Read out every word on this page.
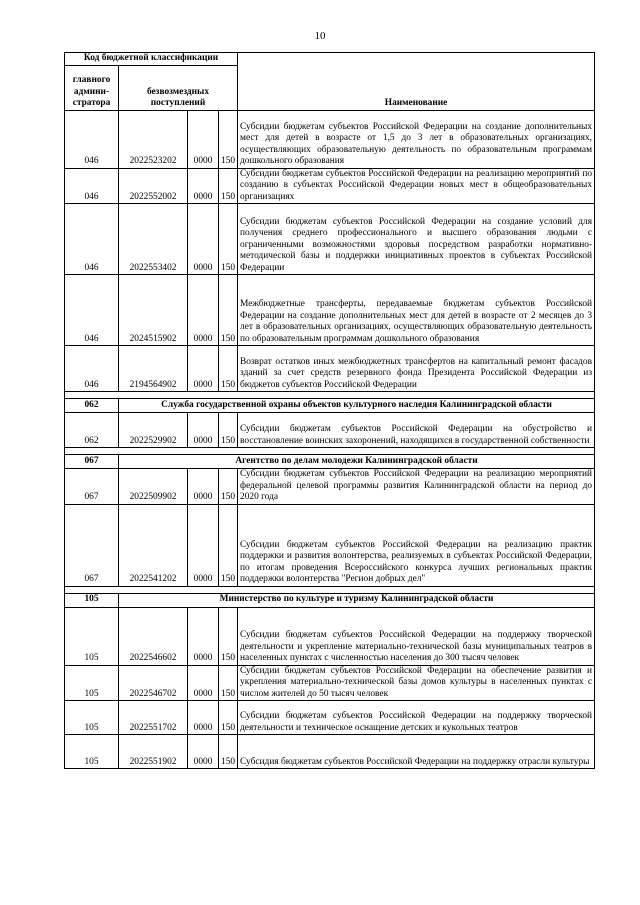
10
Код бюджетной классификации				Наименование
главного админи-стратора	безвозмездных поступлений			
046	2022523202	0000	150	Субсидии бюджетам субъектов Российской Федерации на создание дополнительных мест для детей в возрасте от 1,5 до 3 лет в образовательных организациях, осуществляющих образовательную деятельность по образовательным программам дошкольного образования
046	2022552002	0000	150	Субсидии бюджетам субъектов Российской Федерации на реализацию мероприятий по созданию в субъектах Российской Федерации новых мест в общеобразовательных организациях
046	2022553402	0000	150	Субсидии бюджетам субъектов Российской Федерации на создание условий для получения среднего профессионального и высшего образования людьми с ограниченными возможностями здоровья посредством разработки нормативно-методической базы и поддержки инициативных проектов в субъектах Российской Федерации
046	2024515902	0000	150	Межбюджетные трансферты, передаваемые бюджетам субъектов Российской Федерации на создание дополнительных мест для детей в возрасте от 2 месяцев до 3 лет в образовательных организациях, осуществляющих образовательную деятельность по образовательным программам дошкольного образования
046	2194564902	0000	150	Возврат остатков иных межбюджетных трансфертов на капитальный ремонт фасадов зданий за счет средств резервного фонда Президента Российской Федерации из бюджетов субъектов Российской Федерации

062	Служба государственной охраны объектов культурного наследия Калининградской области			
062	2022529902	0000	150	Субсидии бюджетам субъектов Российской Федерации на обустройство и восстановление воинских захоронений, находящихся в государственной собственности

067	Агентство по делам молодежи Калининградской области			
067	2022509902	0000	150	Субсидии бюджетам субъектов Российской Федерации на реализацию мероприятий федеральной целевой программы развития Калининградской области на период до 2020 года
067	2022541202	0000	150	Субсидии бюджетам субъектов Российской Федерации на реализацию практик поддержки и развития волонтерства, реализуемых в субъектах Российской Федерации, по итогам проведения Всероссийского конкурса лучших региональных практик поддержки волонтерства "Регион добрых дел"

105	Министерство по культуре и туризму Калининградской области			
105	2022546602	0000	150	Субсидии бюджетам субъектов Российской Федерации на поддержку творческой деятельности и укрепление материально-технической базы муниципальных театров в населенных пунктах с численностью населения до 300 тысяч человек
105	2022546702	0000	150	Субсидии бюджетам субъектов Российской Федерации на обеспечение развития и укрепления материально-технической базы домов культуры в населенных пунктах с числом жителей до 50 тысяч человек
105	2022551702	0000	150	Субсидии бюджетам субъектов Российской Федерации на поддержку творческой деятельности и техническое оснащение детских и кукольных театров
105	2022551902	0000	150	Субсидия бюджетам субъектов Российской Федерации на поддержку отрасли культуры
